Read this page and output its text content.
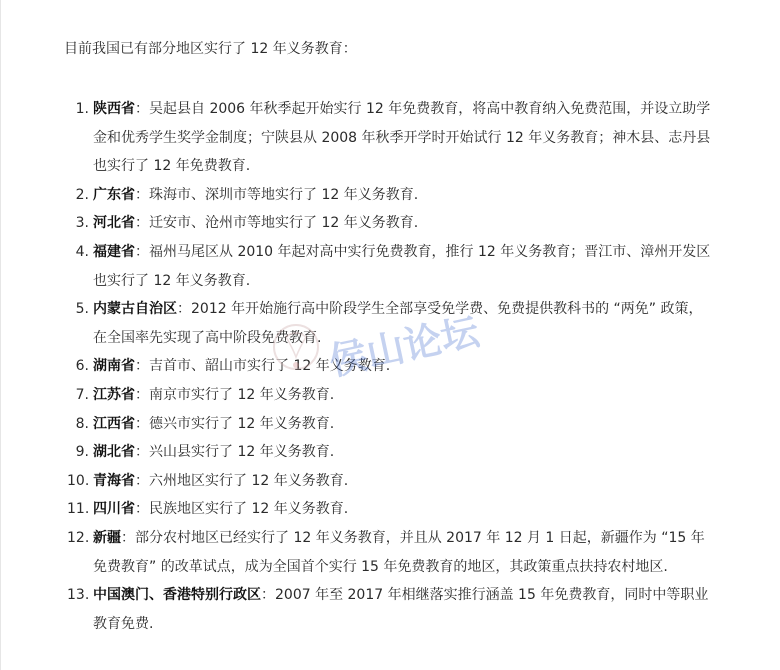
目前我国已有部分地区实行了 12 年义务教育：
1. 陕西省：吴起县自 2006 年秋季起开始实行 12 年免费教育，将高中教育纳入免费范围，并设立助学金和优秀学生奖学金制度；宁陕县从 2008 年秋季开学时开始试行 12 年义务教育；神木县、志丹县也实行了 12 年免费教育.
2. 广东省：珠海市、深圳市等地实行了 12 年义务教育.
3. 河北省：迁安市、沧州市等地实行了 12 年义务教育.
4. 福建省：福州马尾区从 2010 年起对高中实行免费教育，推行 12 年义务教育；晋江市、漳州开发区也实行了 12 年义务教育.
5. 内蒙古自治区：2012 年开始施行高中阶段学生全部享受免学费、免费提供教科书的 “两免” 政策，在全国率先实现了高中阶段免费教育.
6. 湖南省：吉首市、韶山市实行了 12 年义务教育.
7. 江苏省：南京市实行了 12 年义务教育.
8. 江西省：德兴市实行了 12 年义务教育.
9. 湖北省：兴山县实行了 12 年义务教育.
10. 青海省：六州地区实行了 12 年义务教育.
11. 四川省：民族地区实行了 12 年义务教育.
12. 新疆：部分农村地区已经实行了 12 年义务教育，并且从 2017 年 12 月 1 日起，新疆作为 “15 年免费教育” 的改革试点，成为全国首个实行 15 年免费教育的地区，其政策重点扶持农村地区.
13. 中国澳门、香港特别行政区：2007 年至 2017 年相继落实推行涵盖 15 年免费教育，同时中等职业教育免费.
侯山论坛
